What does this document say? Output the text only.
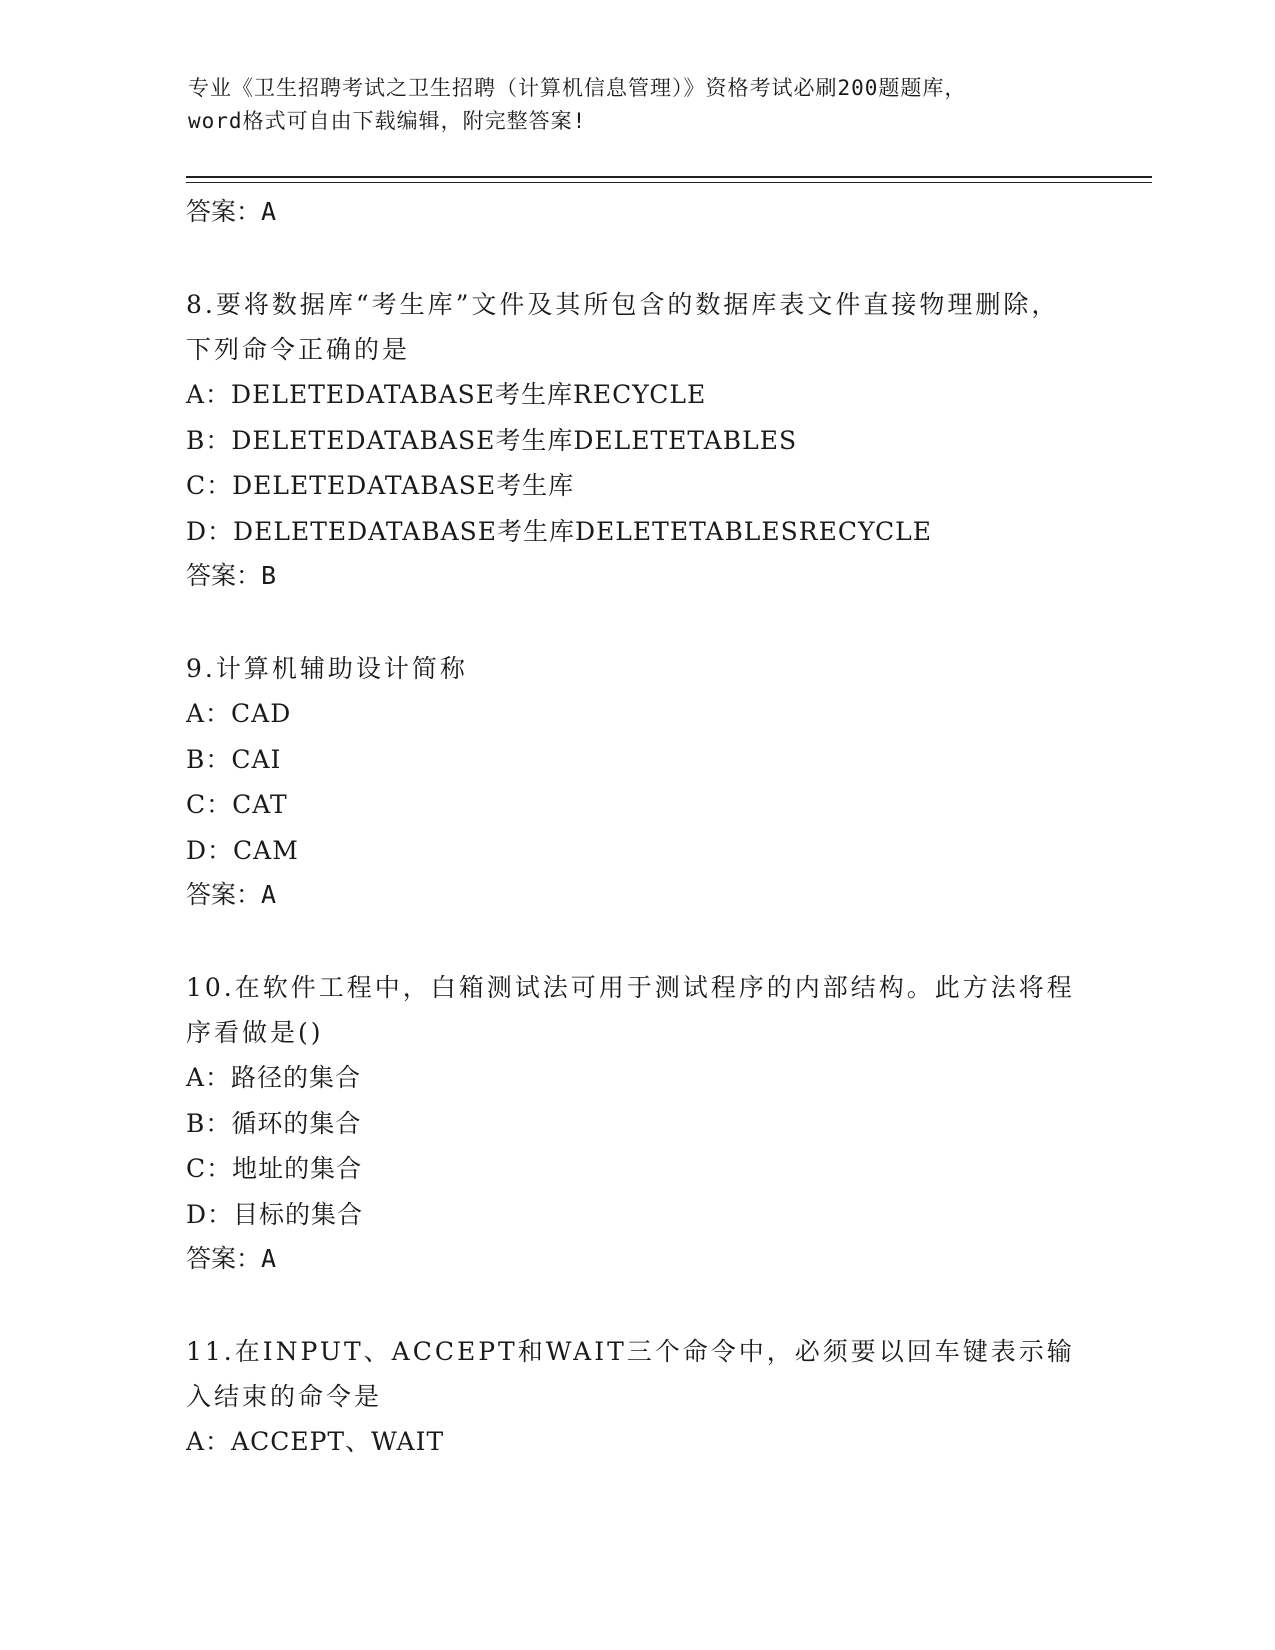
专业《卫生招聘考试之卫生招聘（计算机信息管理）》资格考试必刷200题题库，
word格式可自由下载编辑，附完整答案!

答案：A

8.要将数据库“考生库”文件及其所包含的数据库表文件直接物理删除，下列命令正确的是

A：DELETEDATABASE考生库RECYCLE

B：DELETEDATABASE考生库DELETETABLES

C：DELETEDATABASE考生库

D：DELETEDATABASE考生库DELETETABLESRECYCLE

答案：B

9.计算机辅助设计简称

A：CAD

B：CAI

C：CAT

D：CAM

答案：A

10.在软件工程中，白箱测试法可用于测试程序的内部结构。此方法将程序看做是()

A：路径的集合

B：循环的集合

C：地址的集合

D：目标的集合

答案：A

11.在INPUT、ACCEPT和WAIT三个命令中，必须要以回车键表示输入结束的命令是

A：ACCEPT、WAIT
